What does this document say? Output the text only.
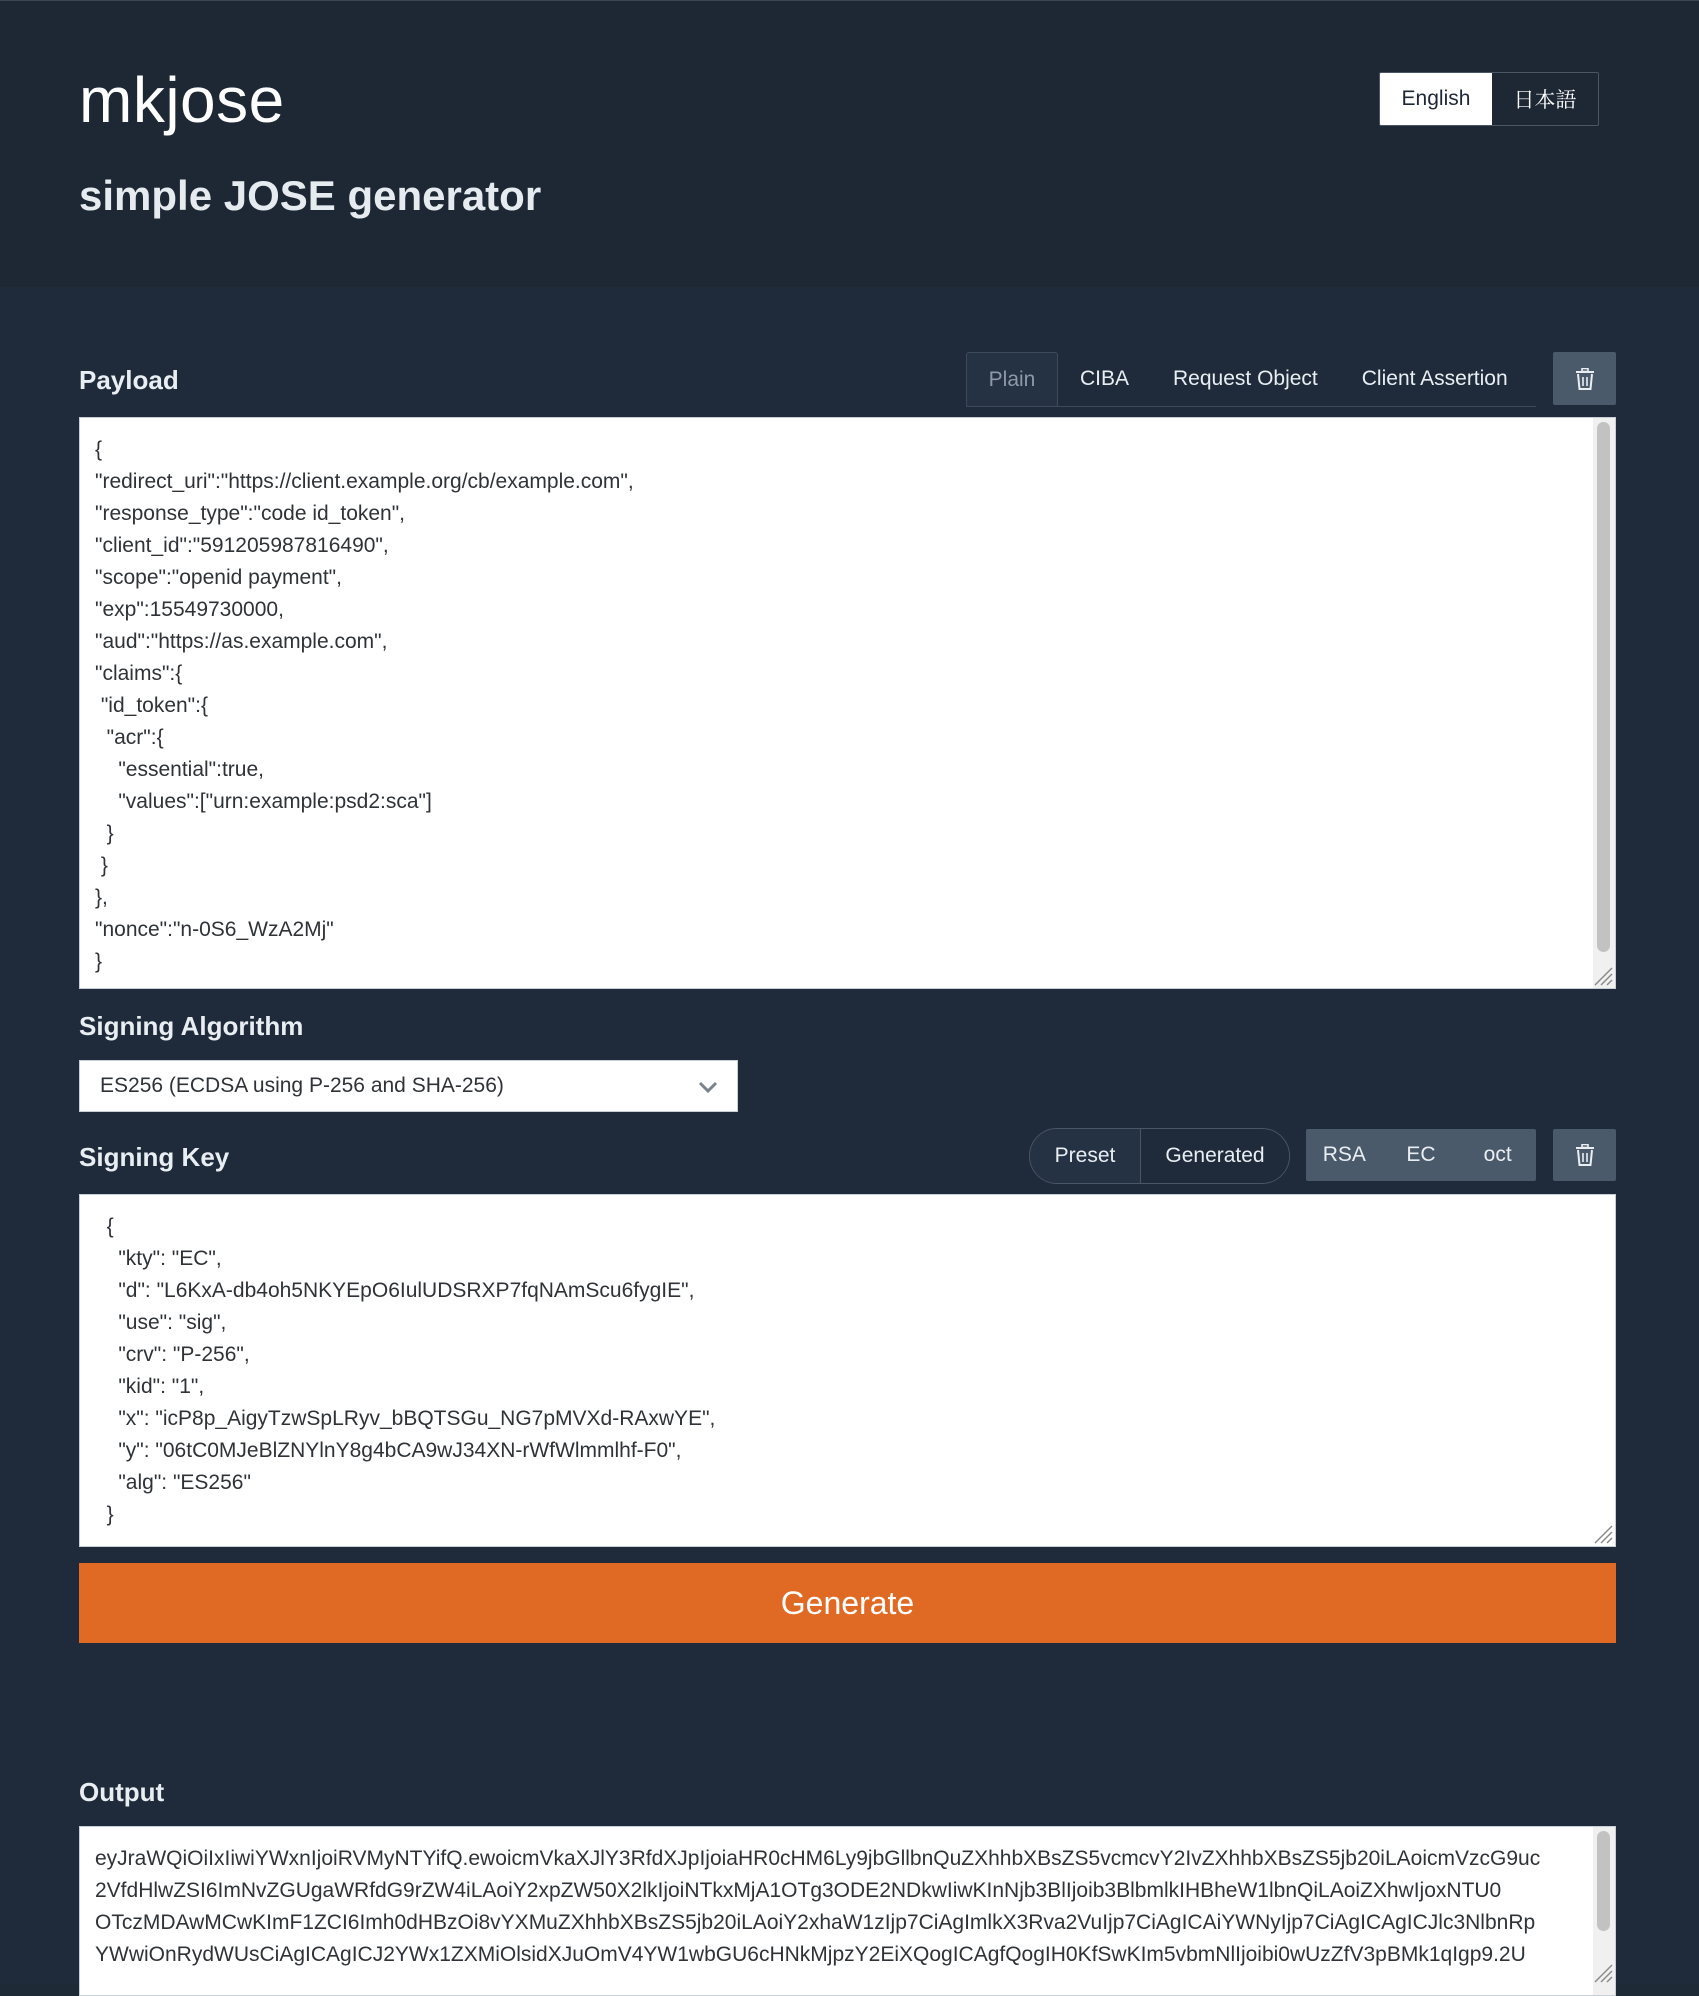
mkjose
simple JOSE generator
English	日本語
Payload	Plain	CIBA	Request Object	Client Assertion
{
"redirect_uri":"https://client.example.org/cb/example.com",
"response_type":"code id_token",
"client_id":"591205987816490",
"scope":"openid payment",
"exp":15549730000,
"aud":"https://as.example.com",
"claims":{
"id_token":{
"acr":{
"essential":true,
"values":["urn:example:psd2:sca"]
}
}
},
"nonce":"n-0S6_WzA2Mj"
}
Signing Algorithm
ES256 (ECDSA using P-256 and SHA-256)
Signing Key	Preset	Generated	RSA	EC	oct
{
"kty": "EC",
"d": "L6KxA-db4oh5NKYEpO6IulUDSRXP7fqNAmScu6fygIE",
"use": "sig",
"crv": "P-256",
"kid": "1",
"x": "icP8p_AigyTzwSpLRyv_bBQTSGu_NG7pMVXd-RAxwYE",
"y": "06tC0MJeBlZNYlnY8g4bCA9wJ34XN-rWfWlmmlhf-F0",
"alg": "ES256"
}
Generate
Output
eyJraWQiOiIxIiwiYWxnIjoiRVMyNTYifQ.ewoicmVkaXJlY3RfdXJpIjoiaHR0cHM6Ly9jbGllbnQuZXhhbXBsZS5vcmcvY2IvZXhhbXBsZS5jb20iLAoicmVzcG9uc
2VfdHlwZSI6ImNvZGUgaWRfdG9rZW4iLAoiY2xpZW50X2lkIjoiNTkxMjA1OTg3ODE2NDkwIiwKInNjb3BlIjoib3BlbmlkIHBheW1lbnQiLAoiZXhwIjoxNTU0
OTczMDAwMCwKImF1ZCI6Imh0dHBzOi8vYXMuZXhhbXBsZS5jb20iLAoiY2xhaW1zIjp7CiAgImlkX3Rva2VuIjp7CiAgICAiYWNyIjp7CiAgICAgICJlc3NlbnRp
YWwiOnRydWUsCiAgICAgICJ2YWx1ZXMiOlsidXJuOmV4YW1wbGU6cHNkMjpzY2EiXQogICAgfQogIH0KfSwKIm5vbmNlIjoibi0wUzZfV3pBMk1qIgp9.2U
